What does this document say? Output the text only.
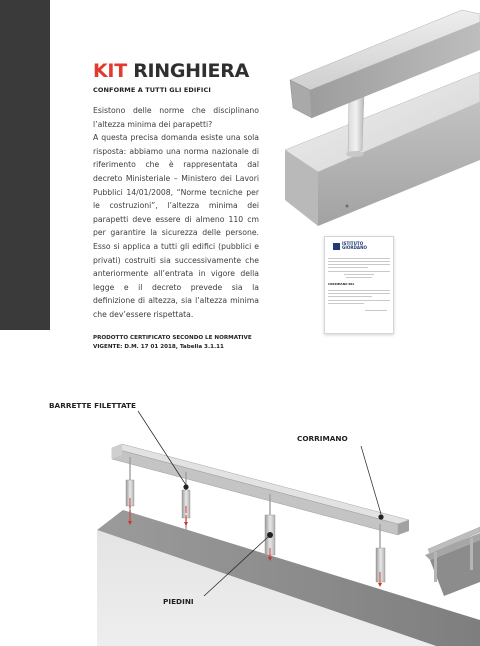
KIT RINGHIERA
CONFORME A TUTTI GLI EDIFICI

Esistono delle norme che disciplinano l’altezza minima dei parapetti?

A questa precisa domanda esiste una sola risposta: abbiamo una norma nazionale di riferimento che è rappresentata dal decreto Ministeriale – Ministero dei Lavori Pubblici 14/01/2008, “Norme tecniche per le costruzioni”, l’altezza minima dei parapetti deve essere di almeno 110 cm per garantire la sicurezza delle persone. Esso si applica a tutti gli edifici (pubblici e privati) costruiti sia successivamente che anteriormente all’entrata in vigore della legge e il decreto prevede sia la definizione di altezza, sia l’altezza minima che dev’essere rispettata.

PRODOTTO CERTIFICATO SECONDO LE NORMATIVE VIGENTE: D.M. 17 01 2018, Tabella 3.1.11
ISTITUTO
GIORDANO
CORRIMANO SRL
BARRETTE FILETTATE
CORRIMANO
PIEDINI
